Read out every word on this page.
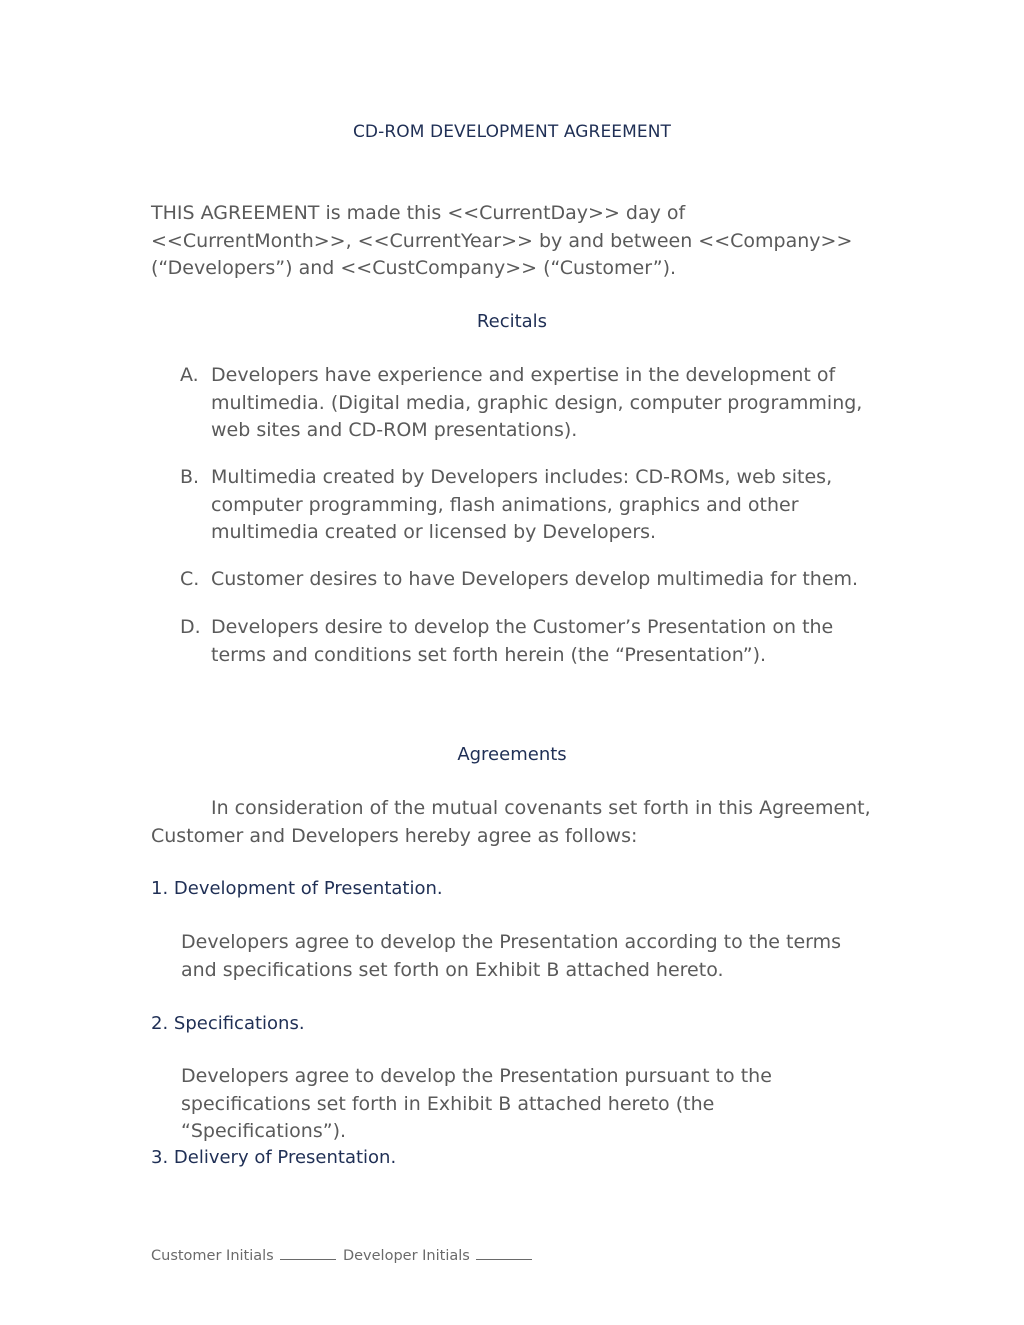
CD-ROM DEVELOPMENT AGREEMENT
THIS AGREEMENT is made this <<CurrentDay>> day of <<CurrentMonth>>, <<CurrentYear>> by and between <<Company>> (“Developers”) and <<CustCompany>> (“Customer”).
Recitals
A. Developers have experience and expertise in the development of multimedia. (Digital media, graphic design, computer programming, web sites and CD-ROM presentations).
B. Multimedia created by Developers includes: CD-ROMs, web sites, computer programming, flash animations, graphics and other multimedia created or licensed by Developers.
C. Customer desires to have Developers develop multimedia for them.
D. Developers desire to develop the Customer’s Presentation on the terms and conditions set forth herein (the “Presentation”).
Agreements
In consideration of the mutual covenants set forth in this Agreement, Customer and Developers hereby agree as follows:
1. Development of Presentation.
Developers agree to develop the Presentation according to the terms and specifications set forth on Exhibit B attached hereto.
2. Specifications.
Developers agree to develop the Presentation pursuant to the specifications set forth in Exhibit B attached hereto (the “Specifications”).
3. Delivery of Presentation.
Customer Initials	Developer Initials
